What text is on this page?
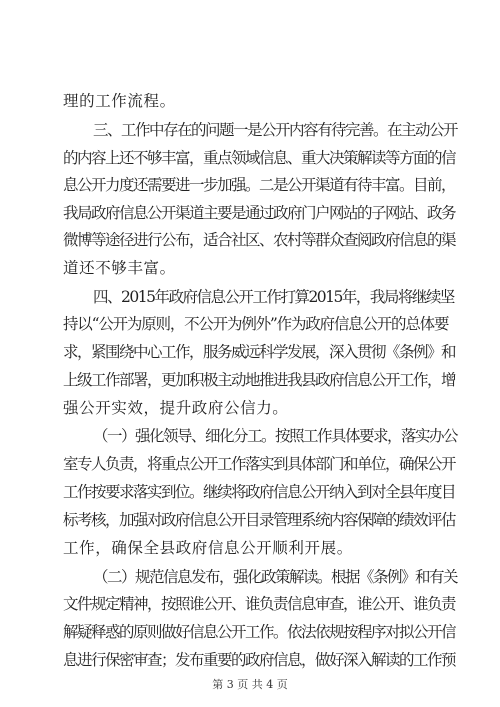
理的工作流程。
三、工作中存在的问题一是公开内容有待完善。在主动公开
的内容上还不够丰富，重点领域信息、重大决策解读等方面的信
息公开力度还需要进一步加强。二是公开渠道有待丰富。目前，
我局政府信息公开渠道主要是通过政府门户网站的子网站、政务
微博等途径进行公布，适合社区、农村等群众查阅政府信息的渠
道还不够丰富。
四、2015年政府信息公开工作打算2015年，我局将继续坚
持以“公开为原则，不公开为例外”作为政府信息公开的总体要
求，紧围绕中心工作，服务威远科学发展，深入贯彻《条例》和
上级工作部署，更加积极主动地推进我县政府信息公开工作，增
强公开实效，提升政府公信力。
（一）强化领导、细化分工。按照工作具体要求，落实办公
室专人负责，将重点公开工作落实到具体部门和单位，确保公开
工作按要求落实到位。继续将政府信息公开纳入到对全县年度目
标考核，加强对政府信息公开目录管理系统内容保障的绩效评估
工作，确保全县政府信息公开顺利开展。
（二）规范信息发布，强化政策解读。根据《条例》和有关
文件规定精神，按照谁公开、谁负责信息审查，谁公开、谁负责
解疑释惑的原则做好信息公开工作。依法依规按程序对拟公开信
息进行保密审查；发布重要的政府信息，做好深入解读的工作预
第 3 页 共 4 页
